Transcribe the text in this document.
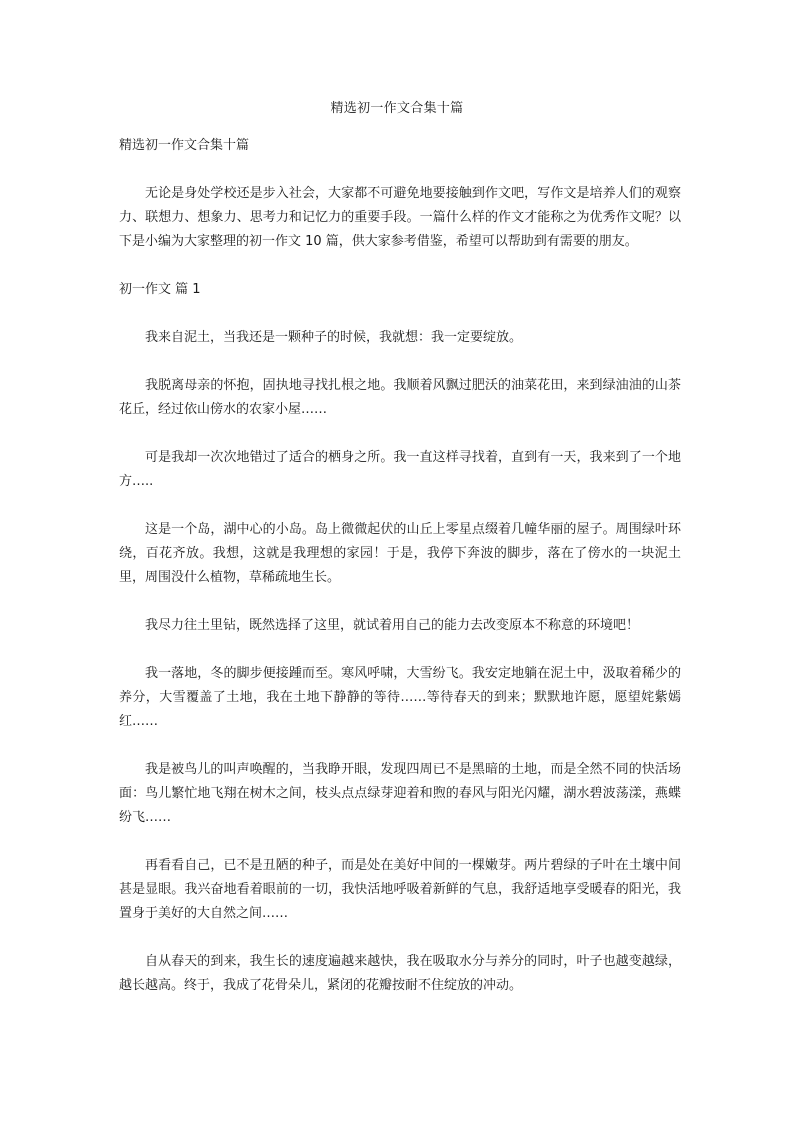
精选初一作文合集十篇
精选初一作文合集十篇

无论是身处学校还是步入社会，大家都不可避免地要接触到作文吧，写作文是培养人们的观察力、联想力、想象力、思考力和记忆力的重要手段。一篇什么样的作文才能称之为优秀作文呢？以下是小编为大家整理的初一作文 10 篇，供大家参考借鉴，希望可以帮助到有需要的朋友。

初一作文 篇 1

我来自泥土，当我还是一颗种子的时候，我就想：我一定要绽放。

我脱离母亲的怀抱，固执地寻找扎根之地。我顺着风飘过肥沃的油菜花田，来到绿油油的山茶花丘，经过依山傍水的农家小屋……

可是我却一次次地错过了适合的栖身之所。我一直这样寻找着，直到有一天，我来到了一个地方…..

这是一个岛，湖中心的小岛。岛上微微起伏的山丘上零星点缀着几幢华丽的屋子。周围绿叶环绕，百花齐放。我想，这就是我理想的家园！于是，我停下奔波的脚步，落在了傍水的一块泥土里，周围没什么植物，草稀疏地生长。

我尽力往土里钻，既然选择了这里，就试着用自己的能力去改变原本不称意的环境吧！

我一落地，冬的脚步便接踵而至。寒风呼啸，大雪纷飞。我安定地躺在泥土中，汲取着稀少的养分，大雪覆盖了土地，我在土地下静静的等待……等待春天的到来；默默地许愿，愿望姹紫嫣红……

我是被鸟儿的叫声唤醒的，当我睁开眼，发现四周已不是黑暗的土地，而是全然不同的快活场面：鸟儿繁忙地飞翔在树木之间，枝头点点绿芽迎着和煦的春风与阳光闪耀，湖水碧波荡漾，燕蝶纷飞……

再看看自己，已不是丑陋的种子，而是处在美好中间的一棵嫩芽。两片碧绿的子叶在土壤中间甚是显眼。我兴奋地看着眼前的一切，我快活地呼吸着新鲜的气息，我舒适地享受暖春的阳光，我置身于美好的大自然之间……

自从春天的到来，我生长的速度遍越来越快，我在吸取水分与养分的同时，叶子也越变越绿，越长越高。终于，我成了花骨朵儿，紧闭的花瓣按耐不住绽放的冲动。
